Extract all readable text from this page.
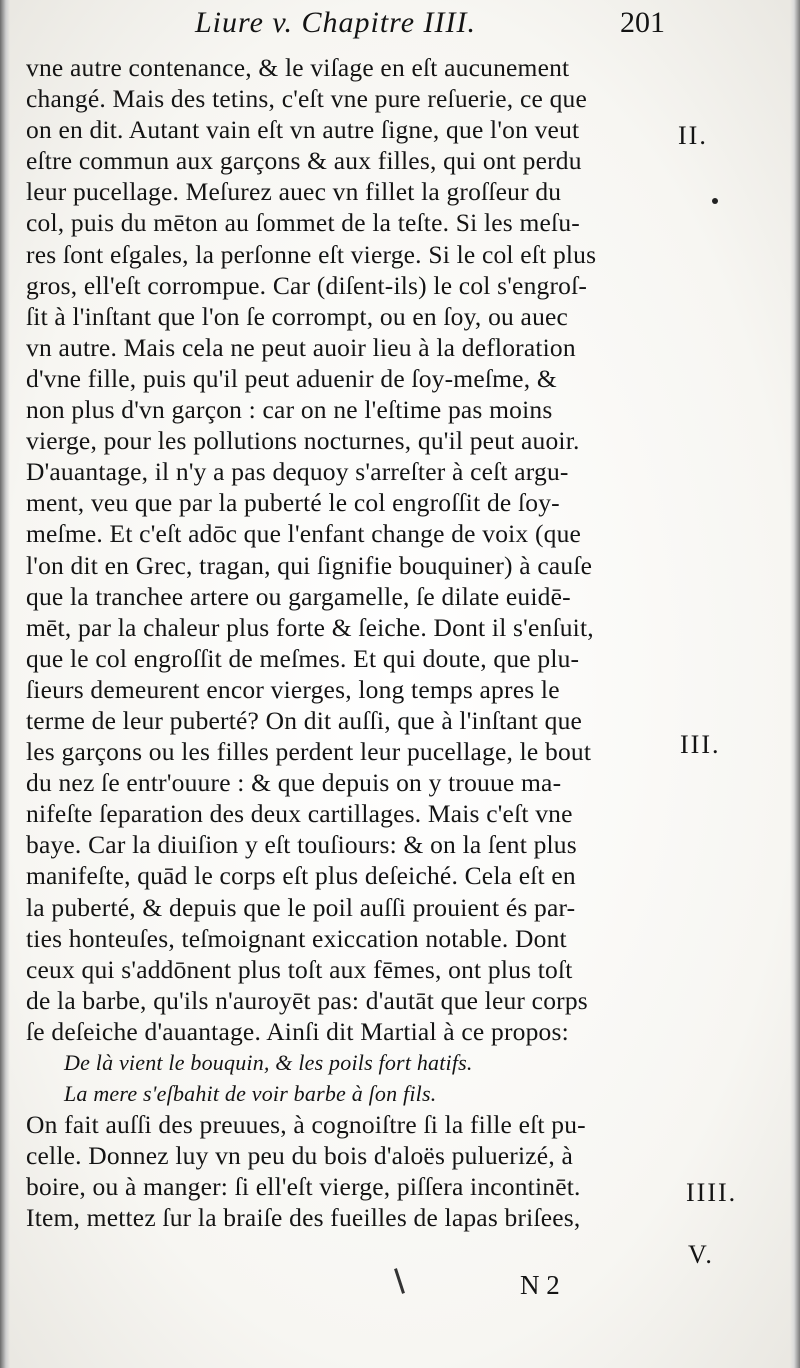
Liure v. Chapitre IIII.	201
vne autre contenance, & le viſage en eſt aucunement
changé. Mais des tetins, c'eſt vne pure reſuerie, ce que
on en dit. Autant vain eſt vn autre ſigne, que l'on veut
eſtre commun aux garçons & aux filles, qui ont perdu
leur pucellage. Meſurez auec vn fillet la groſſeur du
col, puis du mēton au ſommet de la teſte. Si les meſu-
res ſont eſgales, la perſonne eſt vierge. Si le col eſt plus
gros, ell'eſt corrompue. Car (diſent-ils) le col s'engroſ-
ſit à l'inſtant que l'on ſe corrompt, ou en ſoy, ou auec
vn autre. Mais cela ne peut auoir lieu à la defloration
d'vne fille, puis qu'il peut aduenir de ſoy-meſme, &
non plus d'vn garçon : car on ne l'eſtime pas moins
vierge, pour les pollutions nocturnes, qu'il peut auoir.
D'auantage, il n'y a pas dequoy s'arreſter à ceſt argu-
ment, veu que par la puberté le col engroſſit de ſoy-
meſme. Et c'eſt adōc que l'enfant change de voix (que
l'on dit en Grec, tragan, qui ſignifie bouquiner) à cauſe
que la tranchee artere ou gargamelle, ſe dilate euidē-
mēt, par la chaleur plus forte & ſeiche. Dont il s'enſuit,
que le col engroſſit de meſmes. Et qui doute, que plu-
ſieurs demeurent encor vierges, long temps apres le
terme de leur puberté? On dit auſſi, que à l'inſtant que
les garçons ou les filles perdent leur pucellage, le bout
du nez ſe entr'ouure : & que depuis on y trouue ma-
nifeſte ſeparation des deux cartillages. Mais c'eſt vne
baye. Car la diuiſion y eſt touſiours: & on la ſent plus
manifeſte, quād le corps eſt plus deſeiché. Cela eſt en
la puberté, & depuis que le poil auſſi prouient és par-
ties honteuſes, teſmoignant exiccation notable. Dont
ceux qui s'addōnent plus toſt aux fēmes, ont plus toſt
de la barbe, qu'ils n'auroyēt pas: d'autāt que leur corps
ſe deſeiche d'auantage. Ainſi dit Martial à ce propos:
De là vient le bouquin, & les poils fort hatifs.
La mere s'eſbahit de voir barbe à ſon fils.
On fait auſſi des preuues, à cognoiſtre ſi la fille eſt pu-
celle. Donnez luy vn peu du bois d'aloës puluerizé, à
boire, ou à manger: ſi ell'eſt vierge, piſſera incontinēt.
Item, mettez ſur la braiſe des fueilles de lapas briſees,
II.
III.
IIII.
V.
N 2
